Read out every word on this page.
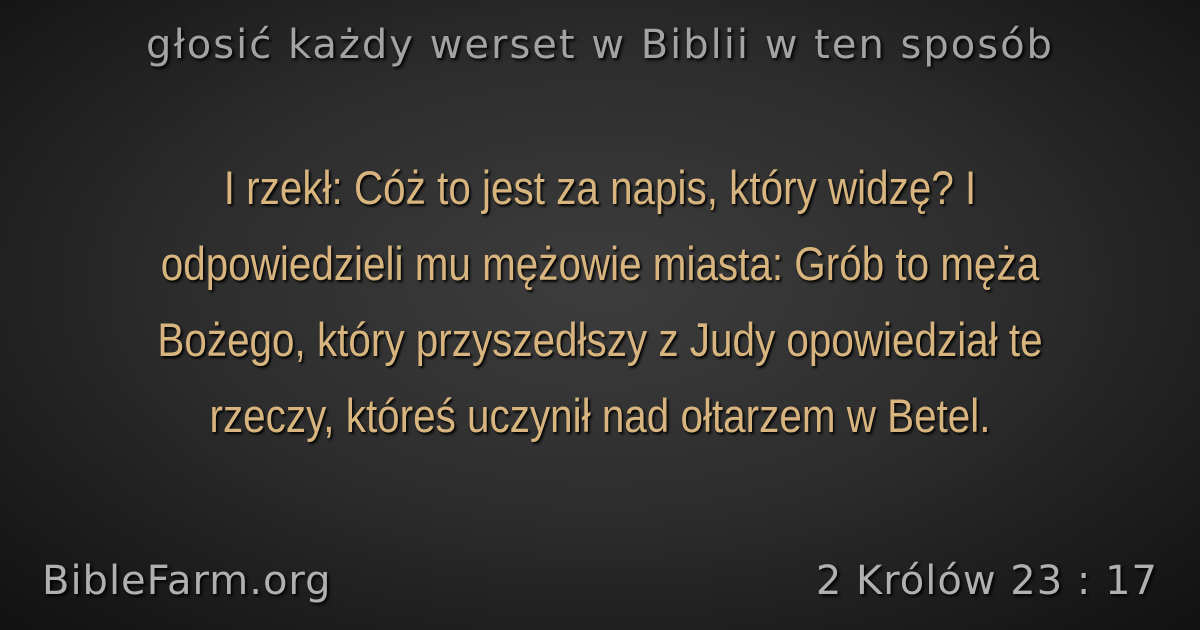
głosić każdy werset w Biblii w ten sposób
I rzekł: Cóż to jest za napis, który widzę? I odpowiedzieli mu mężowie miasta: Grób to męża Bożego, który przyszedłszy z Judy opowiedział te rzeczy, któreś uczynił nad ołtarzem w Betel.
BibleFarm.org	2 Królów 23 : 17
